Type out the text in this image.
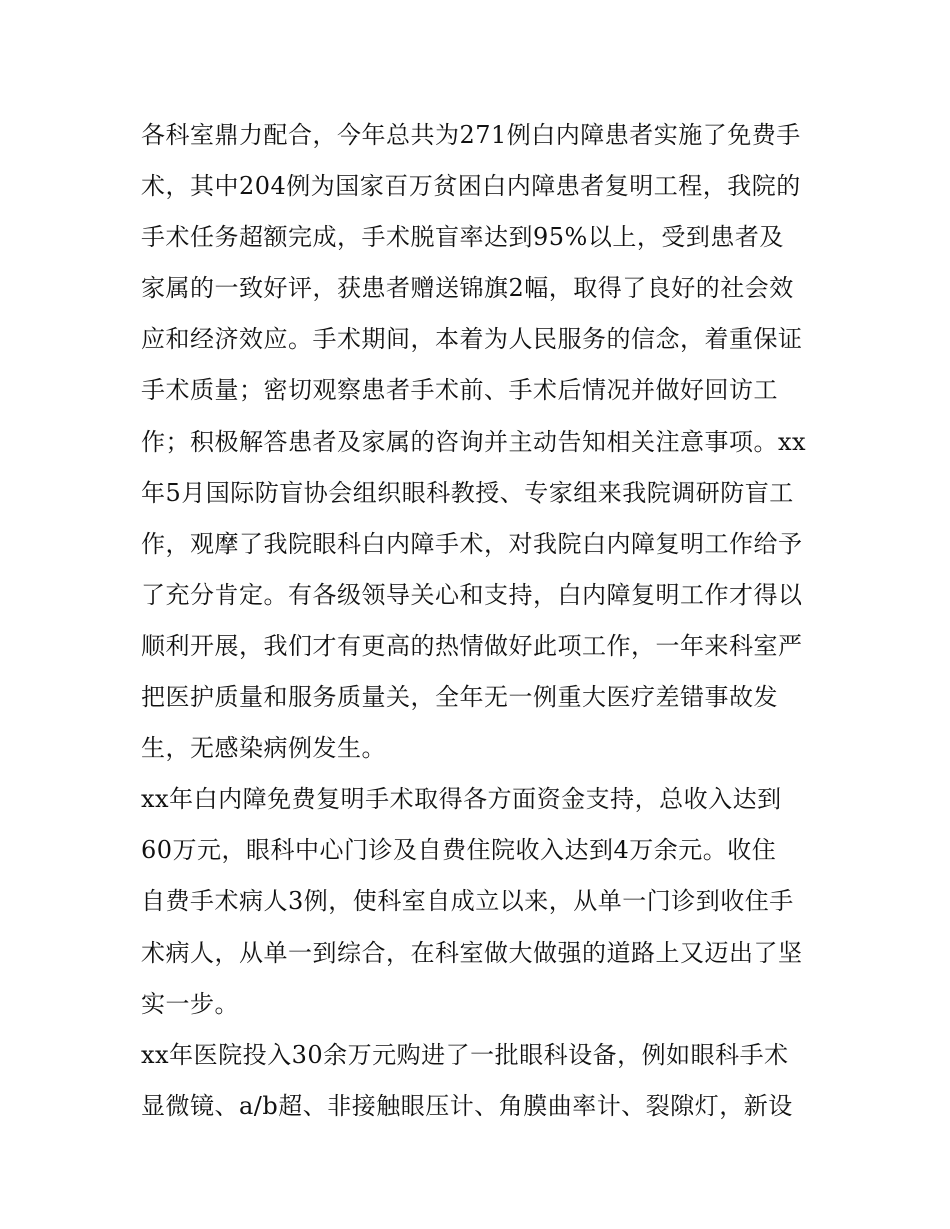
各科室鼎力配合，今年总共为271例白内障患者实施了免费手
术，其中204例为国家百万贫困白内障患者复明工程，我院的
手术任务超额完成，手术脱盲率达到95%以上，受到患者及
家属的一致好评，获患者赠送锦旗2幅，取得了良好的社会效
应和经济效应。手术期间，本着为人民服务的信念，着重保证
手术质量；密切观察患者手术前、手术后情况并做好回访工
作；积极解答患者及家属的咨询并主动告知相关注意事项。xx
年5月国际防盲协会组织眼科教授、专家组来我院调研防盲工
作，观摩了我院眼科白内障手术，对我院白内障复明工作给予
了充分肯定。有各级领导关心和支持，白内障复明工作才得以
顺利开展，我们才有更高的热情做好此项工作，一年来科室严
把医护质量和服务质量关，全年无一例重大医疗差错事故发
生，无感染病例发生。
xx年白内障免费复明手术取得各方面资金支持，总收入达到
60万元，眼科中心门诊及自费住院收入达到4万余元。收住
自费手术病人3例，使科室自成立以来，从单一门诊到收住手
术病人，从单一到综合，在科室做大做强的道路上又迈出了坚
实一步。
xx年医院投入30余万元购进了一批眼科设备，例如眼科手术
显微镜、a/b超、非接触眼压计、角膜曲率计、裂隙灯，新设
